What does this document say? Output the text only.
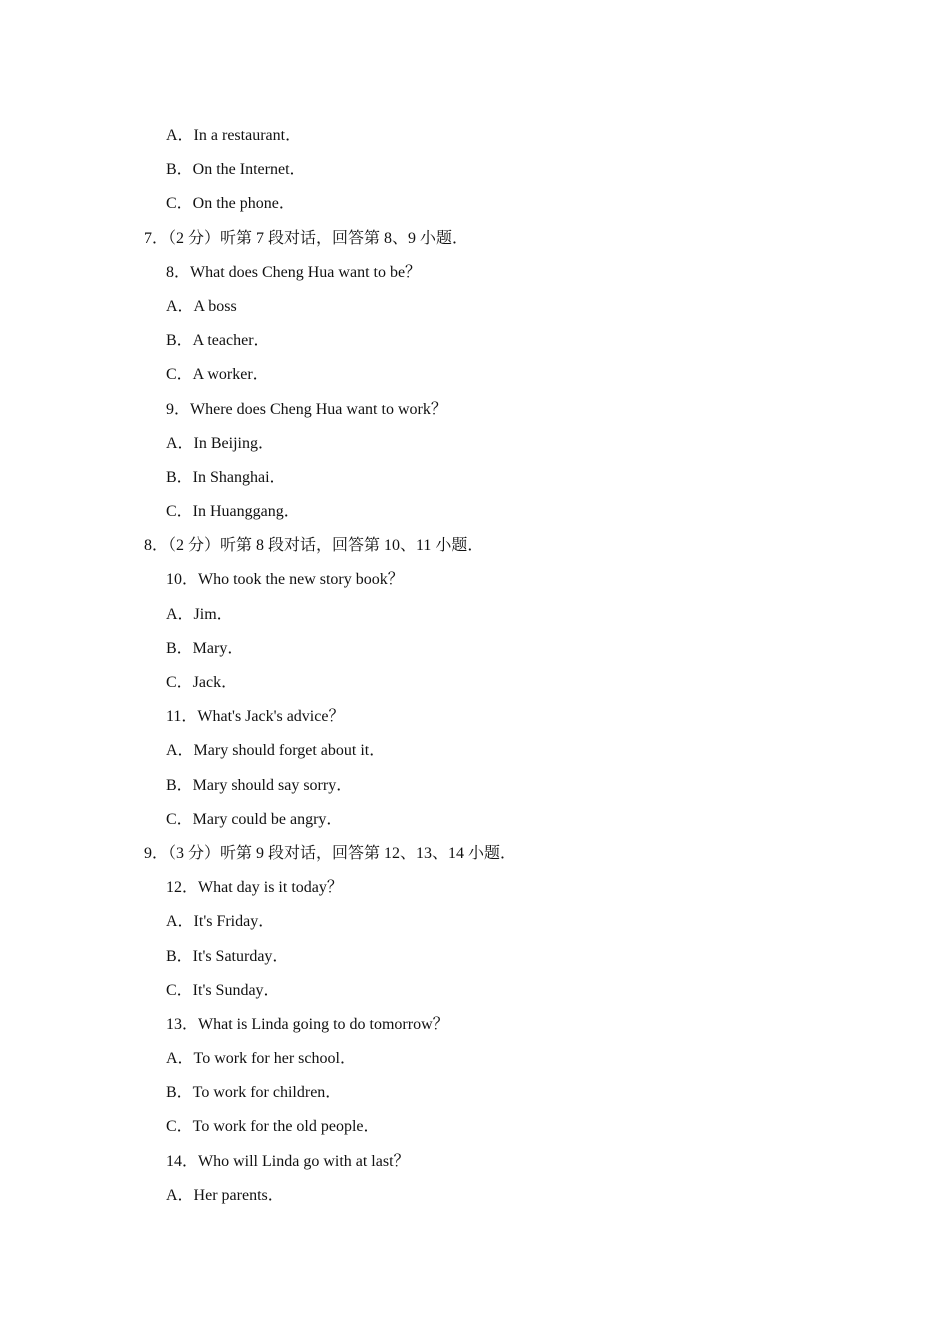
A．In a restaurant．
B．On the Internet．
C．On the phone．
7．（2 分）听第 7 段对话，回答第 8、9 小题．
8．What does Cheng Hua want to be？
A．A boss
B．A teacher．
C．A worker．
9．Where does Cheng Hua want to work？
A．In Beijing．
B．In Shanghai．
C．In Huanggang．
8．（2 分）听第 8 段对话，回答第 10、11 小题．
10．Who took the new story book？
A．Jim．
B．Mary．
C．Jack．
11．What's Jack's advice？
A．Mary should forget about it．
B．Mary should say sorry．
C．Mary could be angry．
9．（3 分）听第 9 段对话，回答第 12、13、14 小题．
12．What day is it today？
A．It's Friday．
B．It's Saturday．
C．It's Sunday．
13．What is Linda going to do tomorrow？
A．To work for her school．
B．To work for children．
C．To work for the old people．
14．Who will Linda go with at last？
A．Her parents．
